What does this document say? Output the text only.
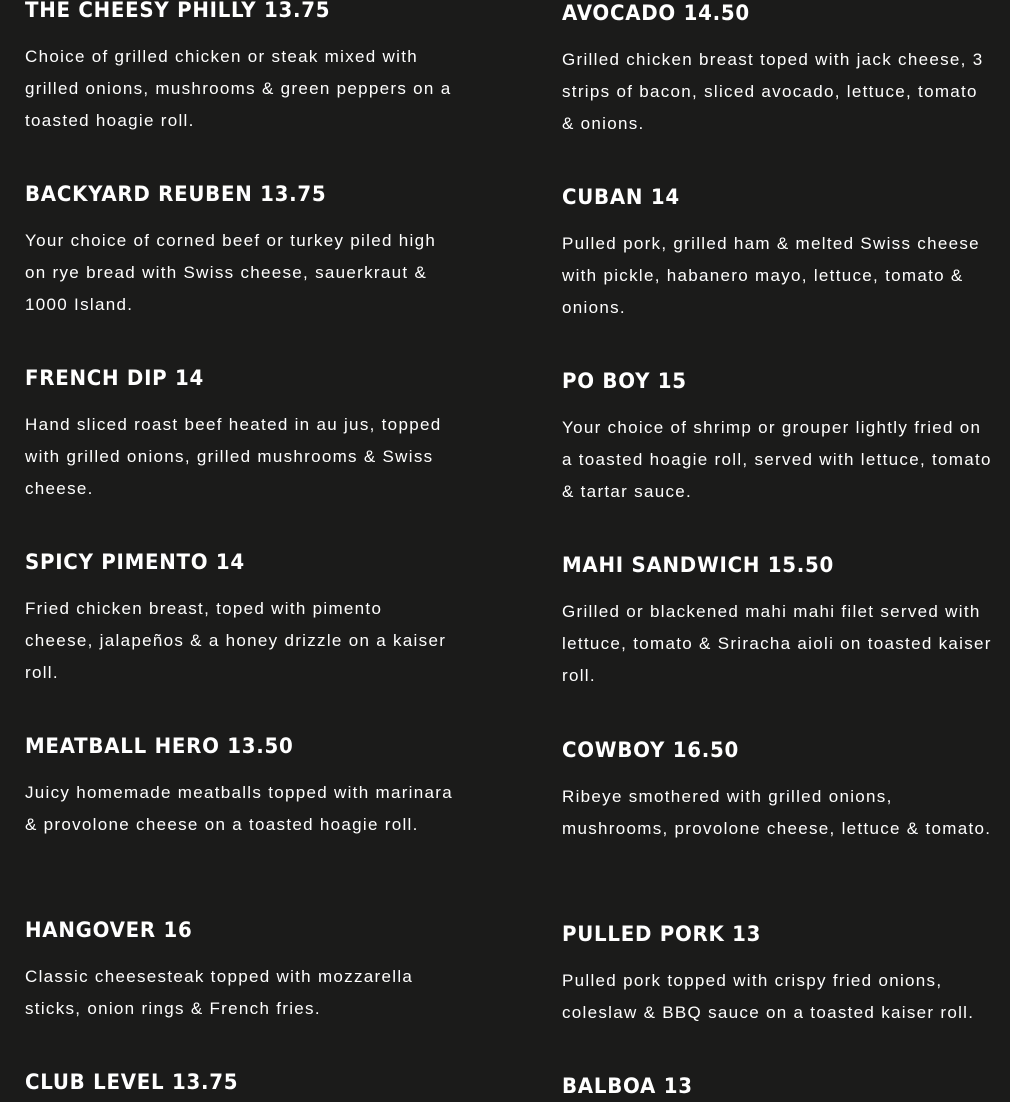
THE CHEESY PHILLY 13.75

Choice of grilled chicken or steak mixed with grilled onions, mushrooms & green peppers on a toasted hoagie roll.

BACKYARD REUBEN 13.75

Your choice of corned beef or turkey piled high on rye bread with Swiss cheese, sauerkraut & 1000 Island.

FRENCH DIP 14

Hand sliced roast beef heated in au jus, topped with grilled onions, grilled mushrooms & Swiss cheese.

SPICY PIMENTO 14

Fried chicken breast, toped with pimento cheese, jalapeños & a honey drizzle on a kaiser roll.

MEATBALL HERO 13.50

Juicy homemade meatballs topped with marinara & provolone cheese on a toasted hoagie roll.

HANGOVER 16

Classic cheesesteak topped with mozzarella sticks, onion rings & French fries.

CLUB LEVEL 13.75
AVOCADO 14.50

Grilled chicken breast toped with jack cheese, 3 strips of bacon, sliced avocado, lettuce, tomato & onions.

CUBAN 14

Pulled pork, grilled ham & melted Swiss cheese with pickle, habanero mayo, lettuce, tomato & onions.

PO BOY 15

Your choice of shrimp or grouper lightly fried on a toasted hoagie roll, served with lettuce, tomato & tartar sauce.

MAHI SANDWICH 15.50

Grilled or blackened mahi mahi filet served with lettuce, tomato & Sriracha aioli on toasted kaiser roll.

COWBOY 16.50

Ribeye smothered with grilled onions, mushrooms, provolone cheese, lettuce & tomato.

PULLED PORK 13

Pulled pork topped with crispy fried onions, coleslaw & BBQ sauce on a toasted kaiser roll.

BALBOA 13
